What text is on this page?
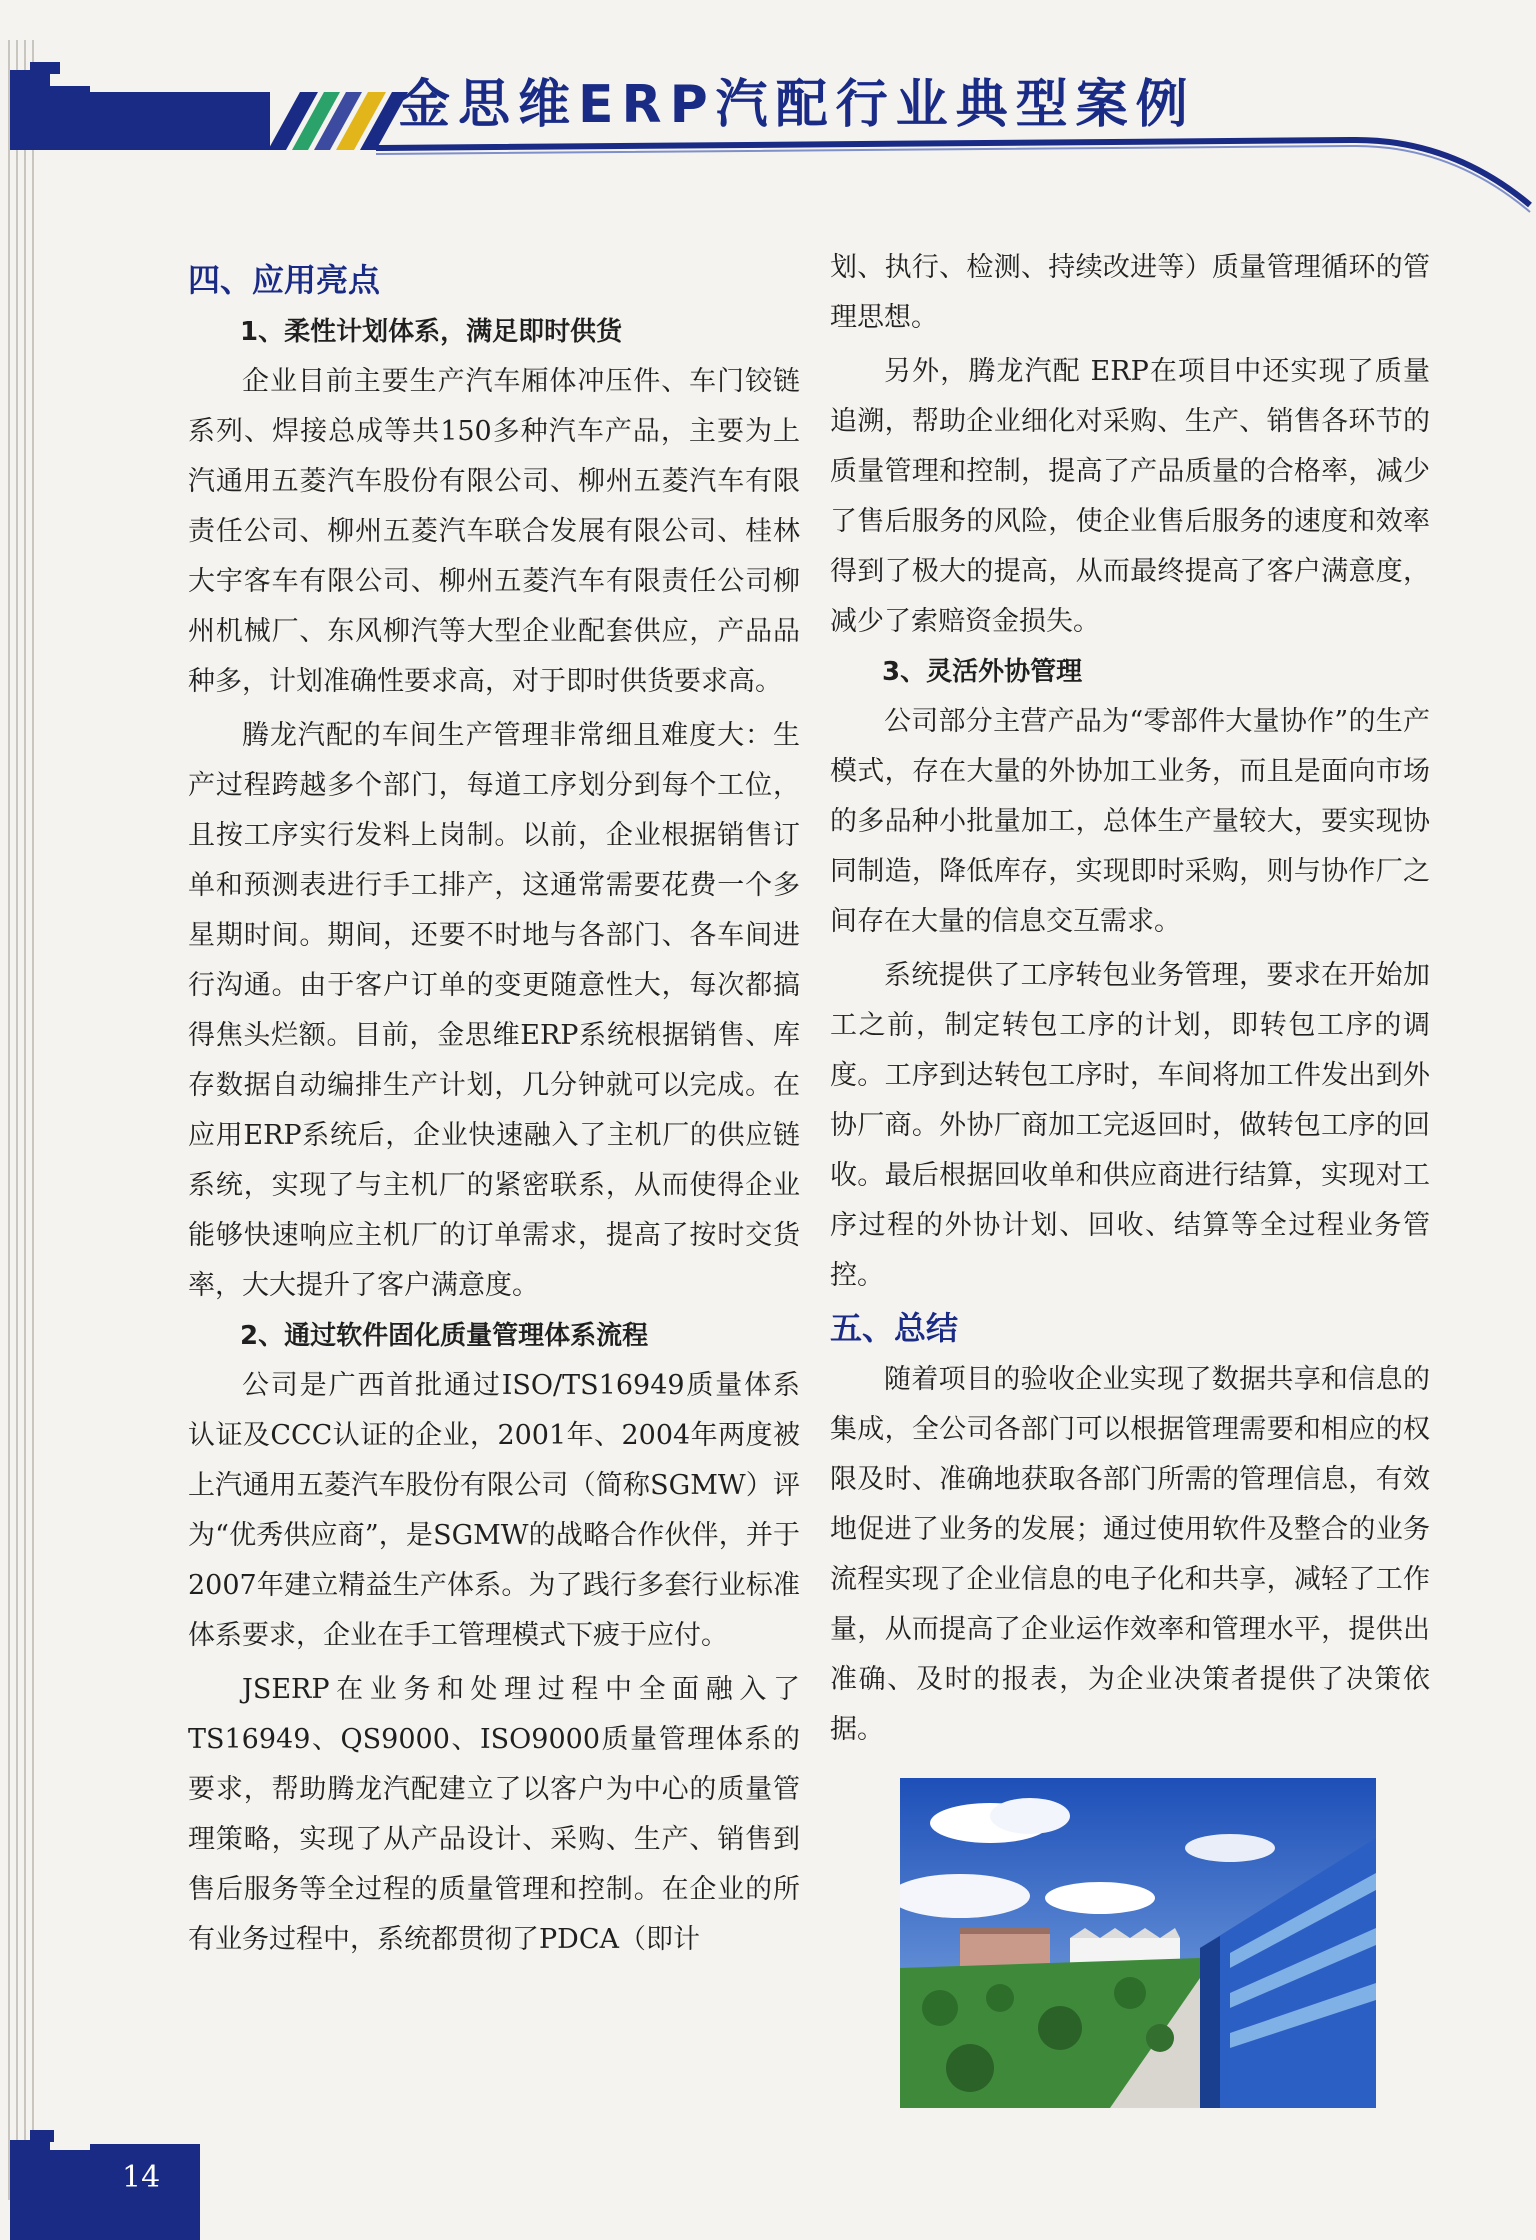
金思维ERP汽配行业典型案例
四、应用亮点
1、柔性计划体系，满足即时供货

企业目前主要生产汽车厢体冲压件、车门铰链系列、焊接总成等共150多种汽车产品，主要为上汽通用五菱汽车股份有限公司、柳州五菱汽车有限责任公司、柳州五菱汽车联合发展有限公司、桂林大宇客车有限公司、柳州五菱汽车有限责任公司柳州机械厂、东风柳汽等大型企业配套供应，产品品种多，计划准确性要求高，对于即时供货要求高。

腾龙汽配的车间生产管理非常细且难度大：生产过程跨越多个部门，每道工序划分到每个工位，且按工序实行发料上岗制。以前，企业根据销售订单和预测表进行手工排产，这通常需要花费一个多星期时间。期间，还要不时地与各部门、各车间进行沟通。由于客户订单的变更随意性大，每次都搞得焦头烂额。目前，金思维ERP系统根据销售、库存数据自动编排生产计划，几分钟就可以完成。在应用ERP系统后，企业快速融入了主机厂的供应链系统，实现了与主机厂的紧密联系，从而使得企业能够快速响应主机厂的订单需求，提高了按时交货率，大大提升了客户满意度。

2、通过软件固化质量管理体系流程

公司是广西首批通过ISO/TS16949质量体系认证及CCC认证的企业，2001年、2004年两度被上汽通用五菱汽车股份有限公司（简称SGMW）评为“优秀供应商”，是SGMW的战略合作伙伴，并于2007年建立精益生产体系。为了践行多套行业标准体系要求，企业在手工管理模式下疲于应付。

JSERP在业务和处理过程中全面融入了TS16949、QS9000、ISO9000质量管理体系的要求，帮助腾龙汽配建立了以客户为中心的质量管理策略，实现了从产品设计、采购、生产、销售到售后服务等全过程的质量管理和控制。在企业的所有业务过程中，系统都贯彻了PDCA（即计

划、执行、检测、持续改进等）质量管理循环的管理思想。

另外，腾龙汽配 ERP在项目中还实现了质量追溯，帮助企业细化对采购、生产、销售各环节的质量管理和控制，提高了产品质量的合格率，减少了售后服务的风险，使企业售后服务的速度和效率得到了极大的提高，从而最终提高了客户满意度，减少了索赔资金损失。

3、灵活外协管理

公司部分主营产品为“零部件大量协作”的生产模式，存在大量的外协加工业务，而且是面向市场的多品种小批量加工，总体生产量较大，要实现协同制造，降低库存，实现即时采购，则与协作厂之间存在大量的信息交互需求。

系统提供了工序转包业务管理，要求在开始加工之前，制定转包工序的计划，即转包工序的调度。工序到达转包工序时，车间将加工件发出到外协厂商。外协厂商加工完返回时，做转包工序的回收。最后根据回收单和供应商进行结算，实现对工序过程的外协计划、回收、结算等全过程业务管控。

五、总结

随着项目的验收企业实现了数据共享和信息的集成，全公司各部门可以根据管理需要和相应的权限及时、准确地获取各部门所需的管理信息，有效地促进了业务的发展；通过使用软件及整合的业务流程实现了企业信息的电子化和共享，减轻了工作量，从而提高了企业运作效率和管理水平，提供出准确、及时的报表，为企业决策者提供了决策依据。

14
